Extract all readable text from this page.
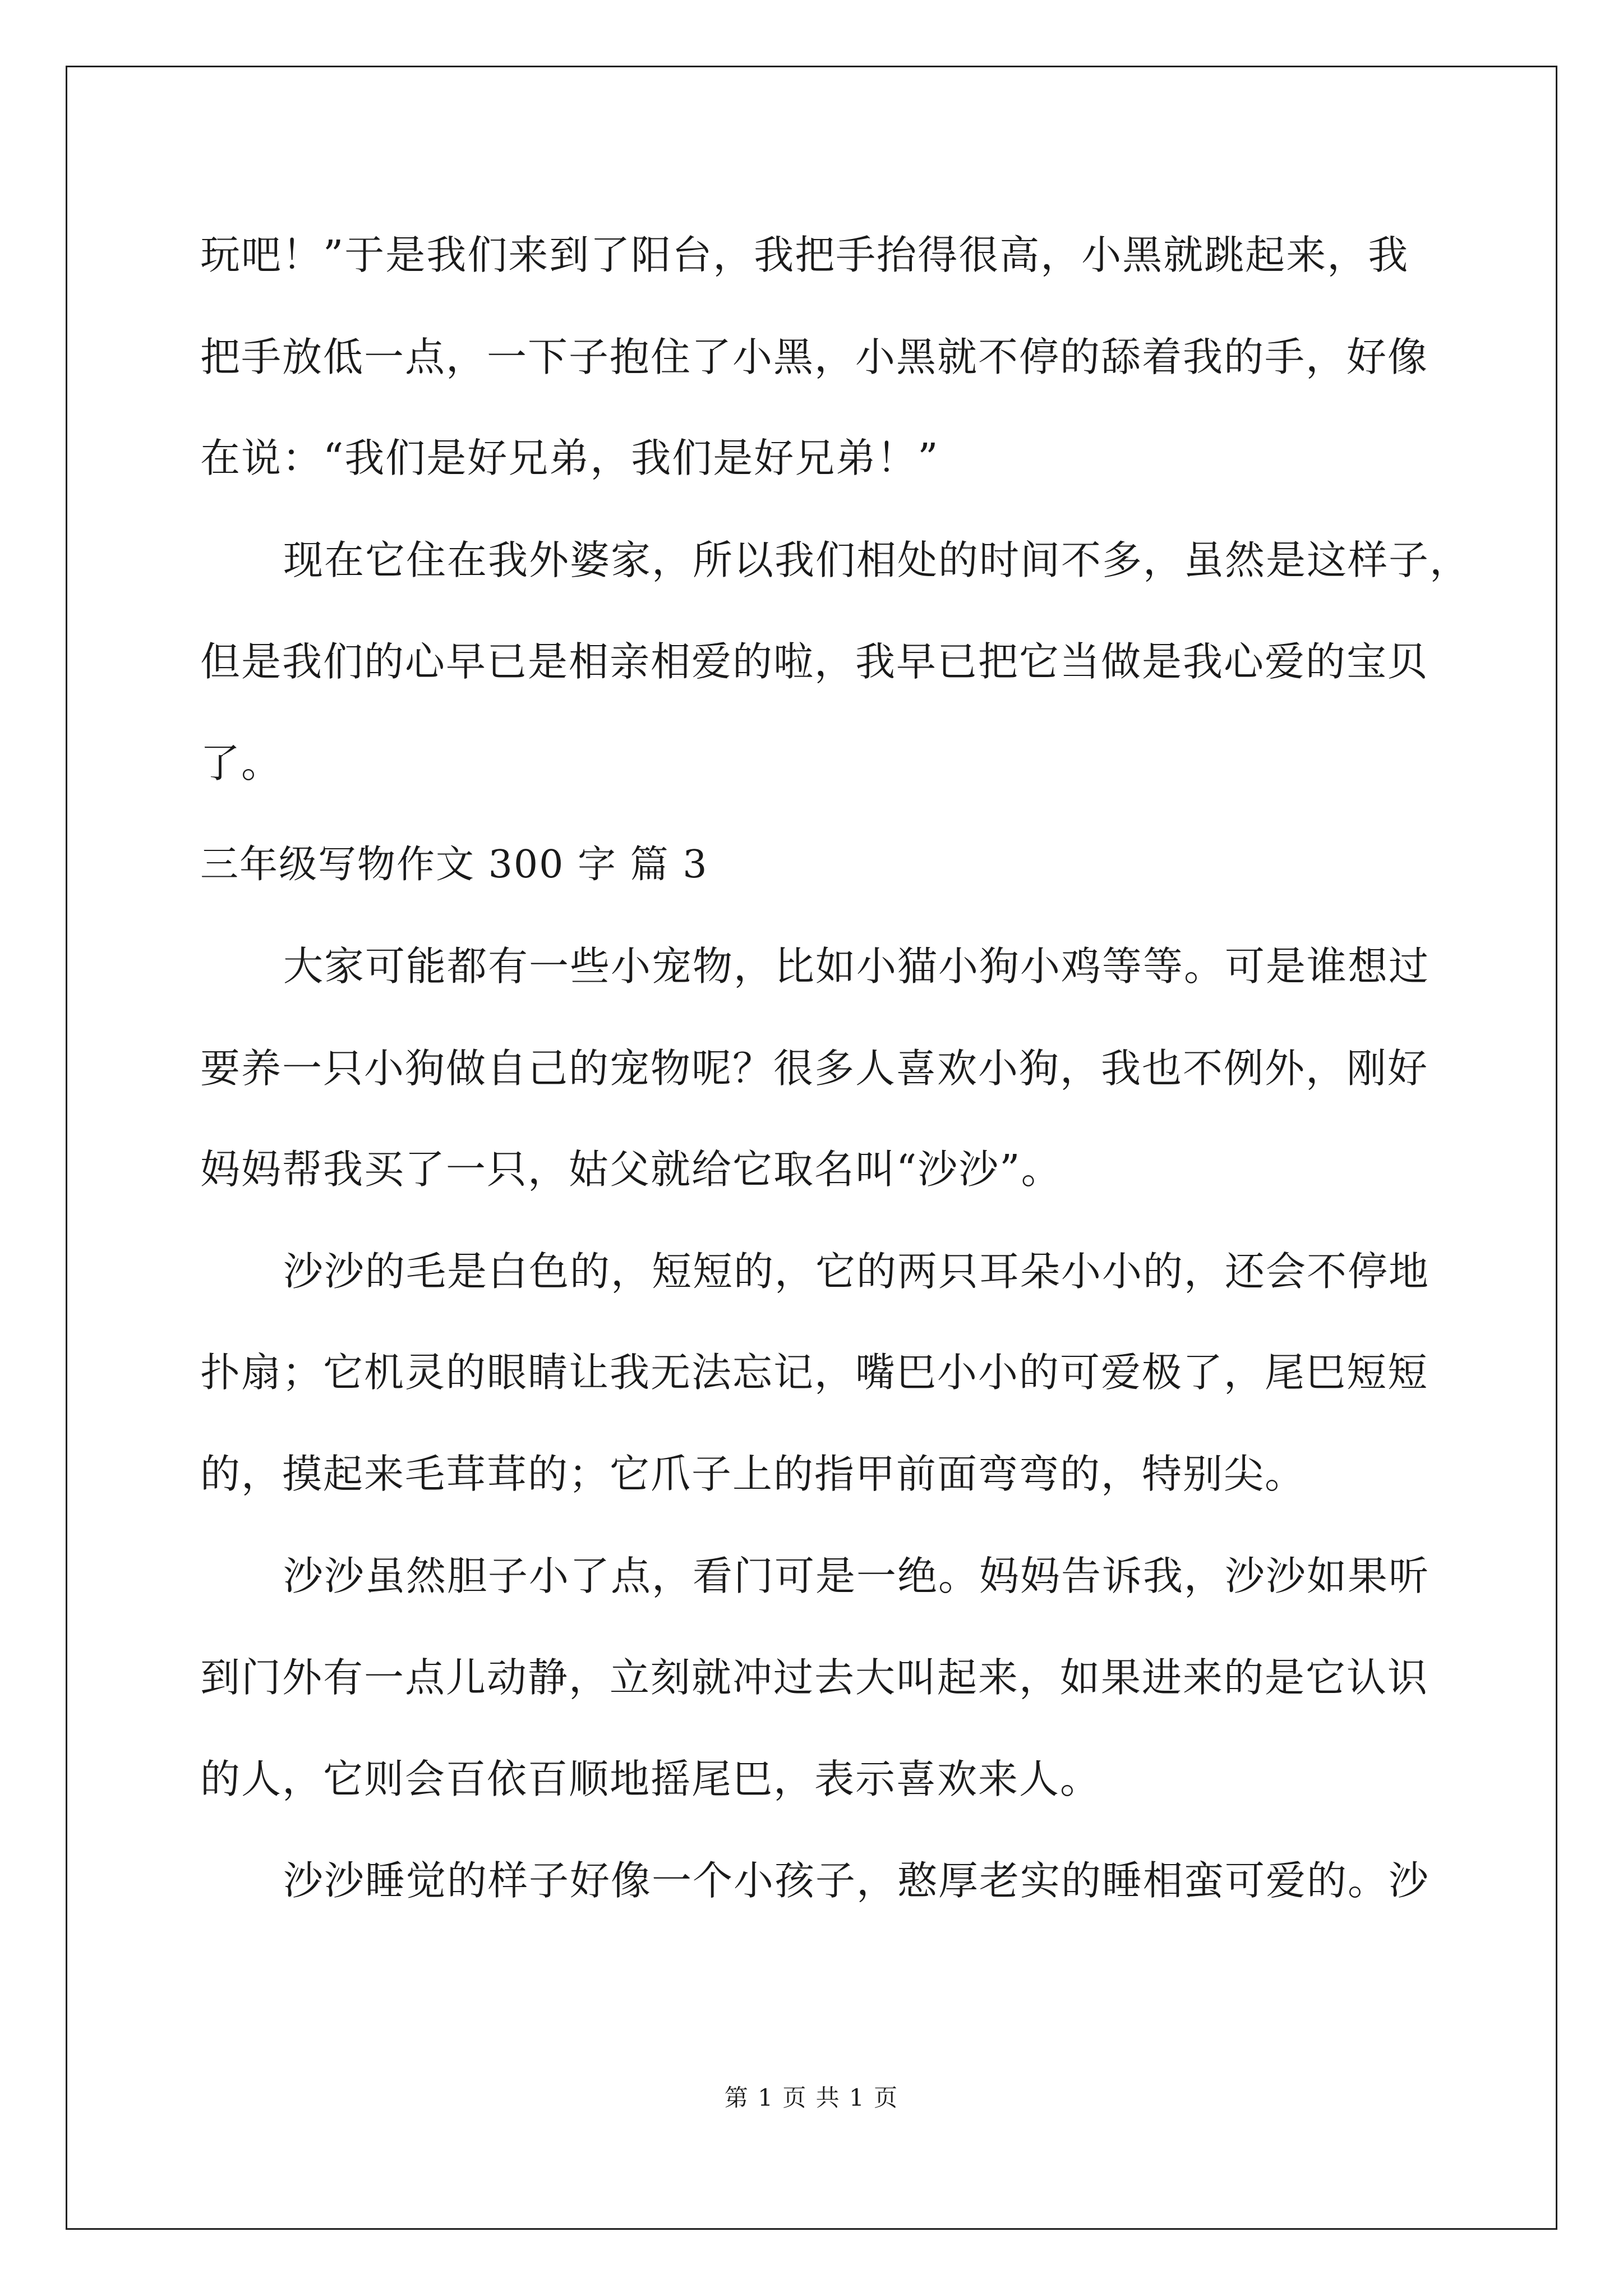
玩吧！”于是我们来到了阳台，我把手抬得很高，小黑就跳起来，我
把手放低一点，一下子抱住了小黑，小黑就不停的舔着我的手，好像
在说：“我们是好兄弟，我们是好兄弟！”
现在它住在我外婆家，所以我们相处的时间不多，虽然是这样子，
但是我们的心早已是相亲相爱的啦，我早已把它当做是我心爱的宝贝
了。
三年级写物作文 300 字 篇 3
大家可能都有一些小宠物，比如小猫小狗小鸡等等。可是谁想过
要养一只小狗做自己的宠物呢？很多人喜欢小狗，我也不例外，刚好
妈妈帮我买了一只，姑父就给它取名叫“沙沙”。
沙沙的毛是白色的，短短的，它的两只耳朵小小的，还会不停地
扑扇；它机灵的眼睛让我无法忘记，嘴巴小小的可爱极了，尾巴短短
的，摸起来毛茸茸的；它爪子上的指甲前面弯弯的，特别尖。
沙沙虽然胆子小了点，看门可是一绝。妈妈告诉我，沙沙如果听
到门外有一点儿动静，立刻就冲过去大叫起来，如果进来的是它认识
的人，它则会百依百顺地摇尾巴，表示喜欢来人。
沙沙睡觉的样子好像一个小孩子，憨厚老实的睡相蛮可爱的。沙
第 1 页 共 1 页
